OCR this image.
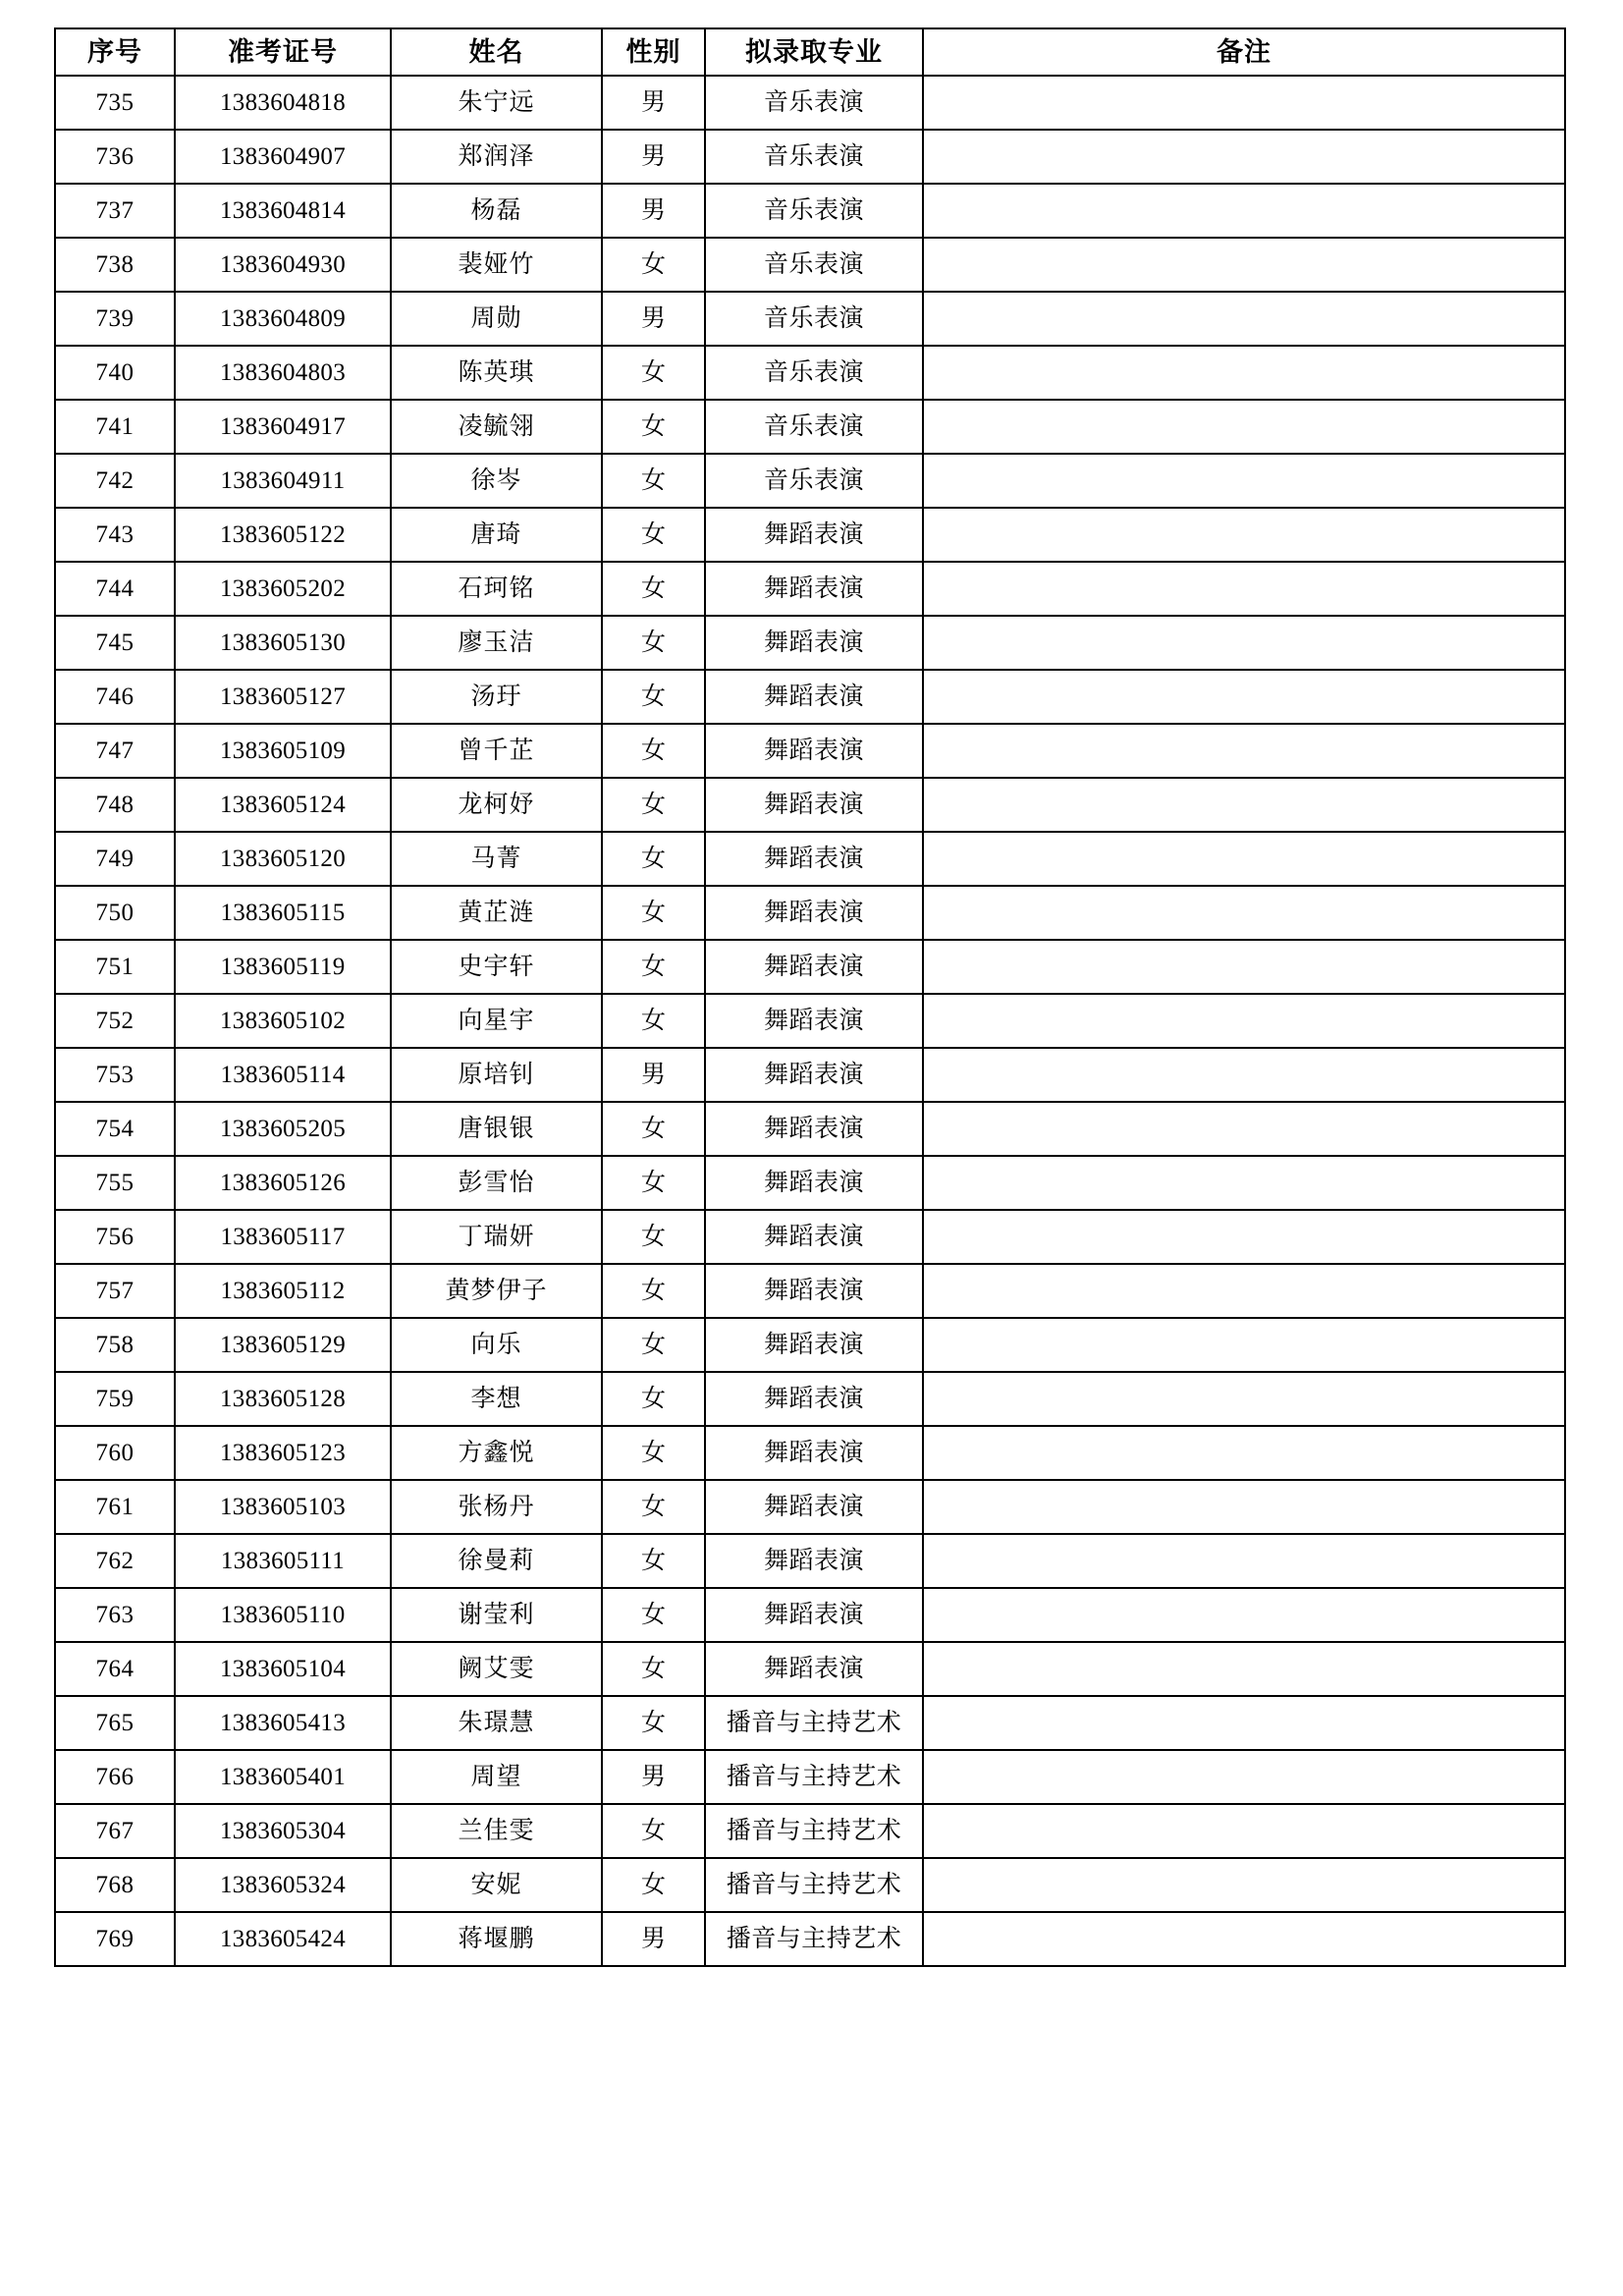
序号	准考证号	姓名	性别	拟录取专业	备注
735	1383604818	朱宁远	男	音乐表演	
736	1383604907	郑润泽	男	音乐表演	
737	1383604814	杨磊	男	音乐表演	
738	1383604930	裴娅竹	女	音乐表演	
739	1383604809	周勋	男	音乐表演	
740	1383604803	陈英琪	女	音乐表演	
741	1383604917	凌毓翎	女	音乐表演	
742	1383604911	徐岑	女	音乐表演	
743	1383605122	唐琦	女	舞蹈表演	
744	1383605202	石珂铭	女	舞蹈表演	
745	1383605130	廖玉洁	女	舞蹈表演	
746	1383605127	汤玗	女	舞蹈表演	
747	1383605109	曾千芷	女	舞蹈表演	
748	1383605124	龙柯妤	女	舞蹈表演	
749	1383605120	马菁	女	舞蹈表演	
750	1383605115	黄芷涟	女	舞蹈表演	
751	1383605119	史宇轩	女	舞蹈表演	
752	1383605102	向星宇	女	舞蹈表演	
753	1383605114	原培钊	男	舞蹈表演	
754	1383605205	唐银银	女	舞蹈表演	
755	1383605126	彭雪怡	女	舞蹈表演	
756	1383605117	丁瑞妍	女	舞蹈表演	
757	1383605112	黄梦伊子	女	舞蹈表演	
758	1383605129	向乐	女	舞蹈表演	
759	1383605128	李想	女	舞蹈表演	
760	1383605123	方鑫悦	女	舞蹈表演	
761	1383605103	张杨丹	女	舞蹈表演	
762	1383605111	徐曼莉	女	舞蹈表演	
763	1383605110	谢莹利	女	舞蹈表演	
764	1383605104	阙艾雯	女	舞蹈表演	
765	1383605413	朱璟慧	女	播音与主持艺术	
766	1383605401	周望	男	播音与主持艺术	
767	1383605304	兰佳雯	女	播音与主持艺术	
768	1383605324	安妮	女	播音与主持艺术	
769	1383605424	蒋堰鹏	男	播音与主持艺术	
